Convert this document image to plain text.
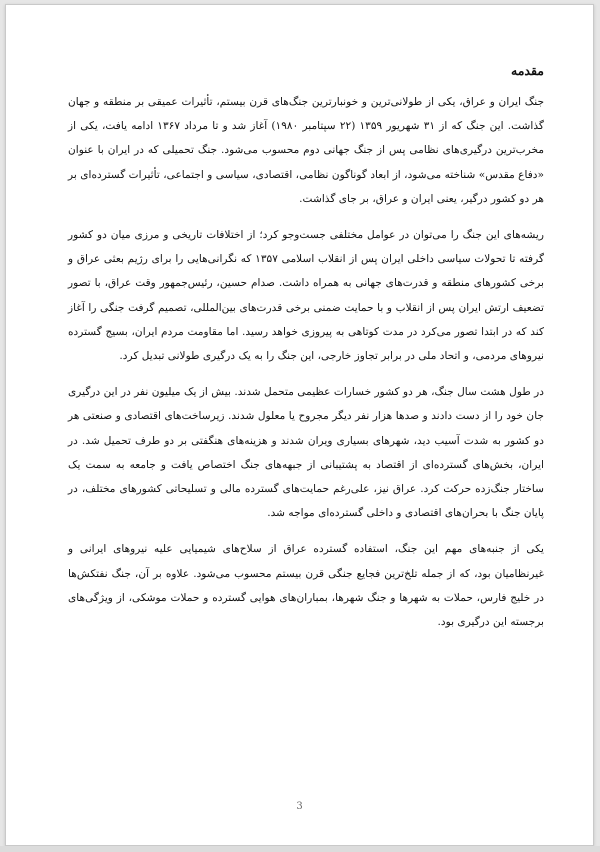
مقدمه

جنگ ایران و عراق، یکی از طولانی‌ترین و خونبارترین جنگ‌های قرن بیستم، تأثیرات عمیقی بر منطقه و جهان گذاشت. این جنگ که از ۳۱ شهریور ۱۳۵۹ (۲۲ سپتامبر ۱۹۸۰) آغاز شد و تا مرداد ۱۳۶۷ ادامه یافت، یکی از مخرب‌ترین درگیری‌های نظامی پس از جنگ جهانی دوم محسوب می‌شود. جنگ تحمیلی که در ایران با عنوان «دفاع مقدس» شناخته می‌شود، از ابعاد گوناگون نظامی، اقتصادی، سیاسی و اجتماعی، تأثیرات گسترده‌ای بر هر دو کشور درگیر، یعنی ایران و عراق، بر جای گذاشت.

ریشه‌های این جنگ را می‌توان در عوامل مختلفی جست‌وجو کرد؛ از اختلافات تاریخی و مرزی میان دو کشور گرفته تا تحولات سیاسی داخلی ایران پس از انقلاب اسلامی ۱۳۵۷ که نگرانی‌هایی را برای رژیم بعثی عراق و برخی کشورهای منطقه و قدرت‌های جهانی به همراه داشت. صدام حسین، رئیس‌جمهور وقت عراق، با تصور تضعیف ارتش ایران پس از انقلاب و با حمایت ضمنی برخی قدرت‌های بین‌المللی، تصمیم گرفت جنگی را آغاز کند که در ابتدا تصور می‌کرد در مدت کوتاهی به پیروزی خواهد رسید. اما مقاومت مردم ایران، بسیج گسترده نیروهای مردمی، و اتحاد ملی در برابر تجاوز خارجی، این جنگ را به یک درگیری طولانی تبدیل کرد.

در طول هشت سال جنگ، هر دو کشور خسارات عظیمی متحمل شدند. بیش از یک میلیون نفر در این درگیری جان خود را از دست دادند و صدها هزار نفر دیگر مجروح یا معلول شدند. زیرساخت‌های اقتصادی و صنعتی هر دو کشور به شدت آسیب دید، شهرهای بسیاری ویران شدند و هزینه‌های هنگفتی بر دو طرف تحمیل شد. در ایران، بخش‌های گسترده‌ای از اقتصاد به پشتیبانی از جبهه‌های جنگ اختصاص یافت و جامعه به سمت یک ساختار جنگ‌زده حرکت کرد. عراق نیز، علی‌رغم حمایت‌های گسترده مالی و تسلیحاتی کشورهای مختلف، در پایان جنگ با بحران‌های اقتصادی و داخلی گسترده‌ای مواجه شد.

یکی از جنبه‌های مهم این جنگ، استفاده گسترده عراق از سلاح‌های شیمیایی علیه نیروهای ایرانی و غیرنظامیان بود، که از جمله تلخ‌ترین فجایع جنگی قرن بیستم محسوب می‌شود. علاوه بر آن، جنگ نفتکش‌ها در خلیج فارس، حملات به شهرها و جنگ شهرها، بمباران‌های هوایی گسترده و حملات موشکی، از ویژگی‌های برجسته این درگیری بود.

3
